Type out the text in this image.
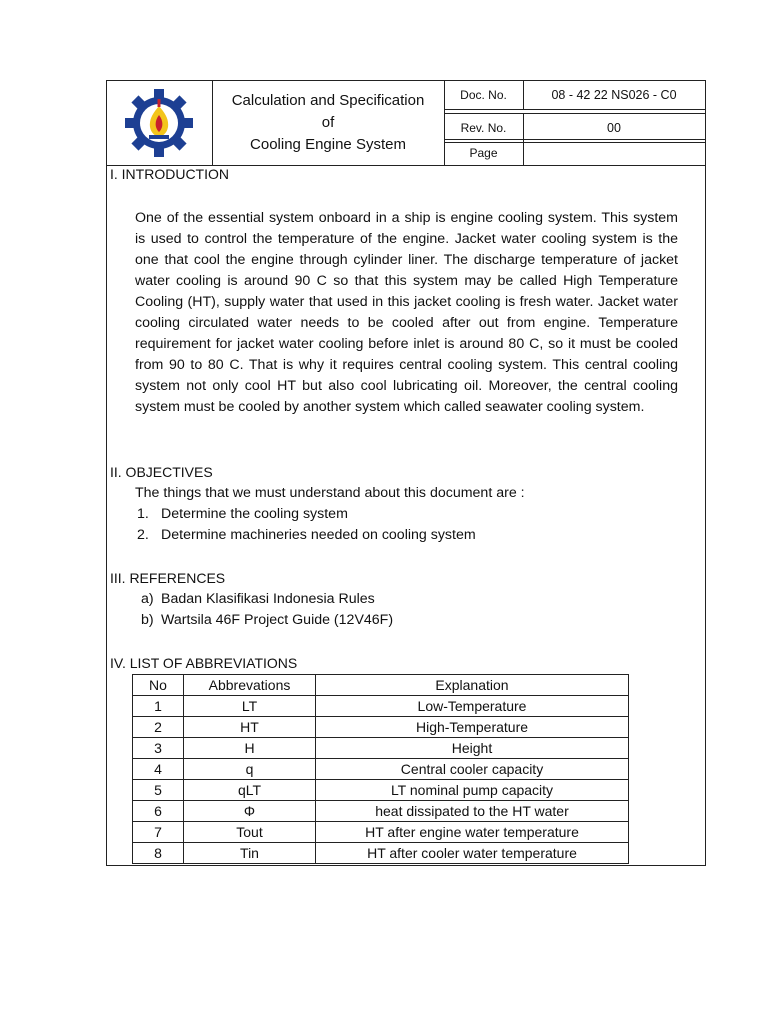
Calculation and Specification
of
Cooling Engine System
Doc. No.	08 - 42 22 NS026 - C0
Rev. No.	00
Page
I. INTRODUCTION
One of the essential system onboard in a ship is engine cooling system. This system is used to control the temperature of the engine. Jacket water cooling system is the one that cool the engine through cylinder liner. The discharge temperature of jacket water cooling is around 90 C so that this system may be called High Temperature Cooling (HT), supply water that used in this jacket cooling is fresh water. Jacket water cooling circulated water needs to be cooled after out from engine. Temperature requirement for jacket water cooling before inlet is around 80 C, so it must be cooled from 90 to 80 C. That is why it requires central cooling system. This central cooling system not only cool HT but also cool lubricating oil. Moreover, the central cooling system must be cooled by another system which called seawater cooling system.
II. OBJECTIVES
The things that we must understand about this document are :
1. Determine the cooling system
2. Determine machineries needed on cooling system
III. REFERENCES
a) Badan Klasifikasi Indonesia Rules
b) Wartsila 46F Project Guide (12V46F)
IV. LIST OF ABBREVIATIONS
No	Abbrevations	Explanation
1	LT	Low-Temperature
2	HT	High-Temperature
3	H	Height
4	q	Central cooler capacity
5	qLT	LT nominal pump capacity
6	Φ	heat dissipated to the HT water
7	Tout	HT after engine water temperature
8	Tin	HT after cooler water temperature
